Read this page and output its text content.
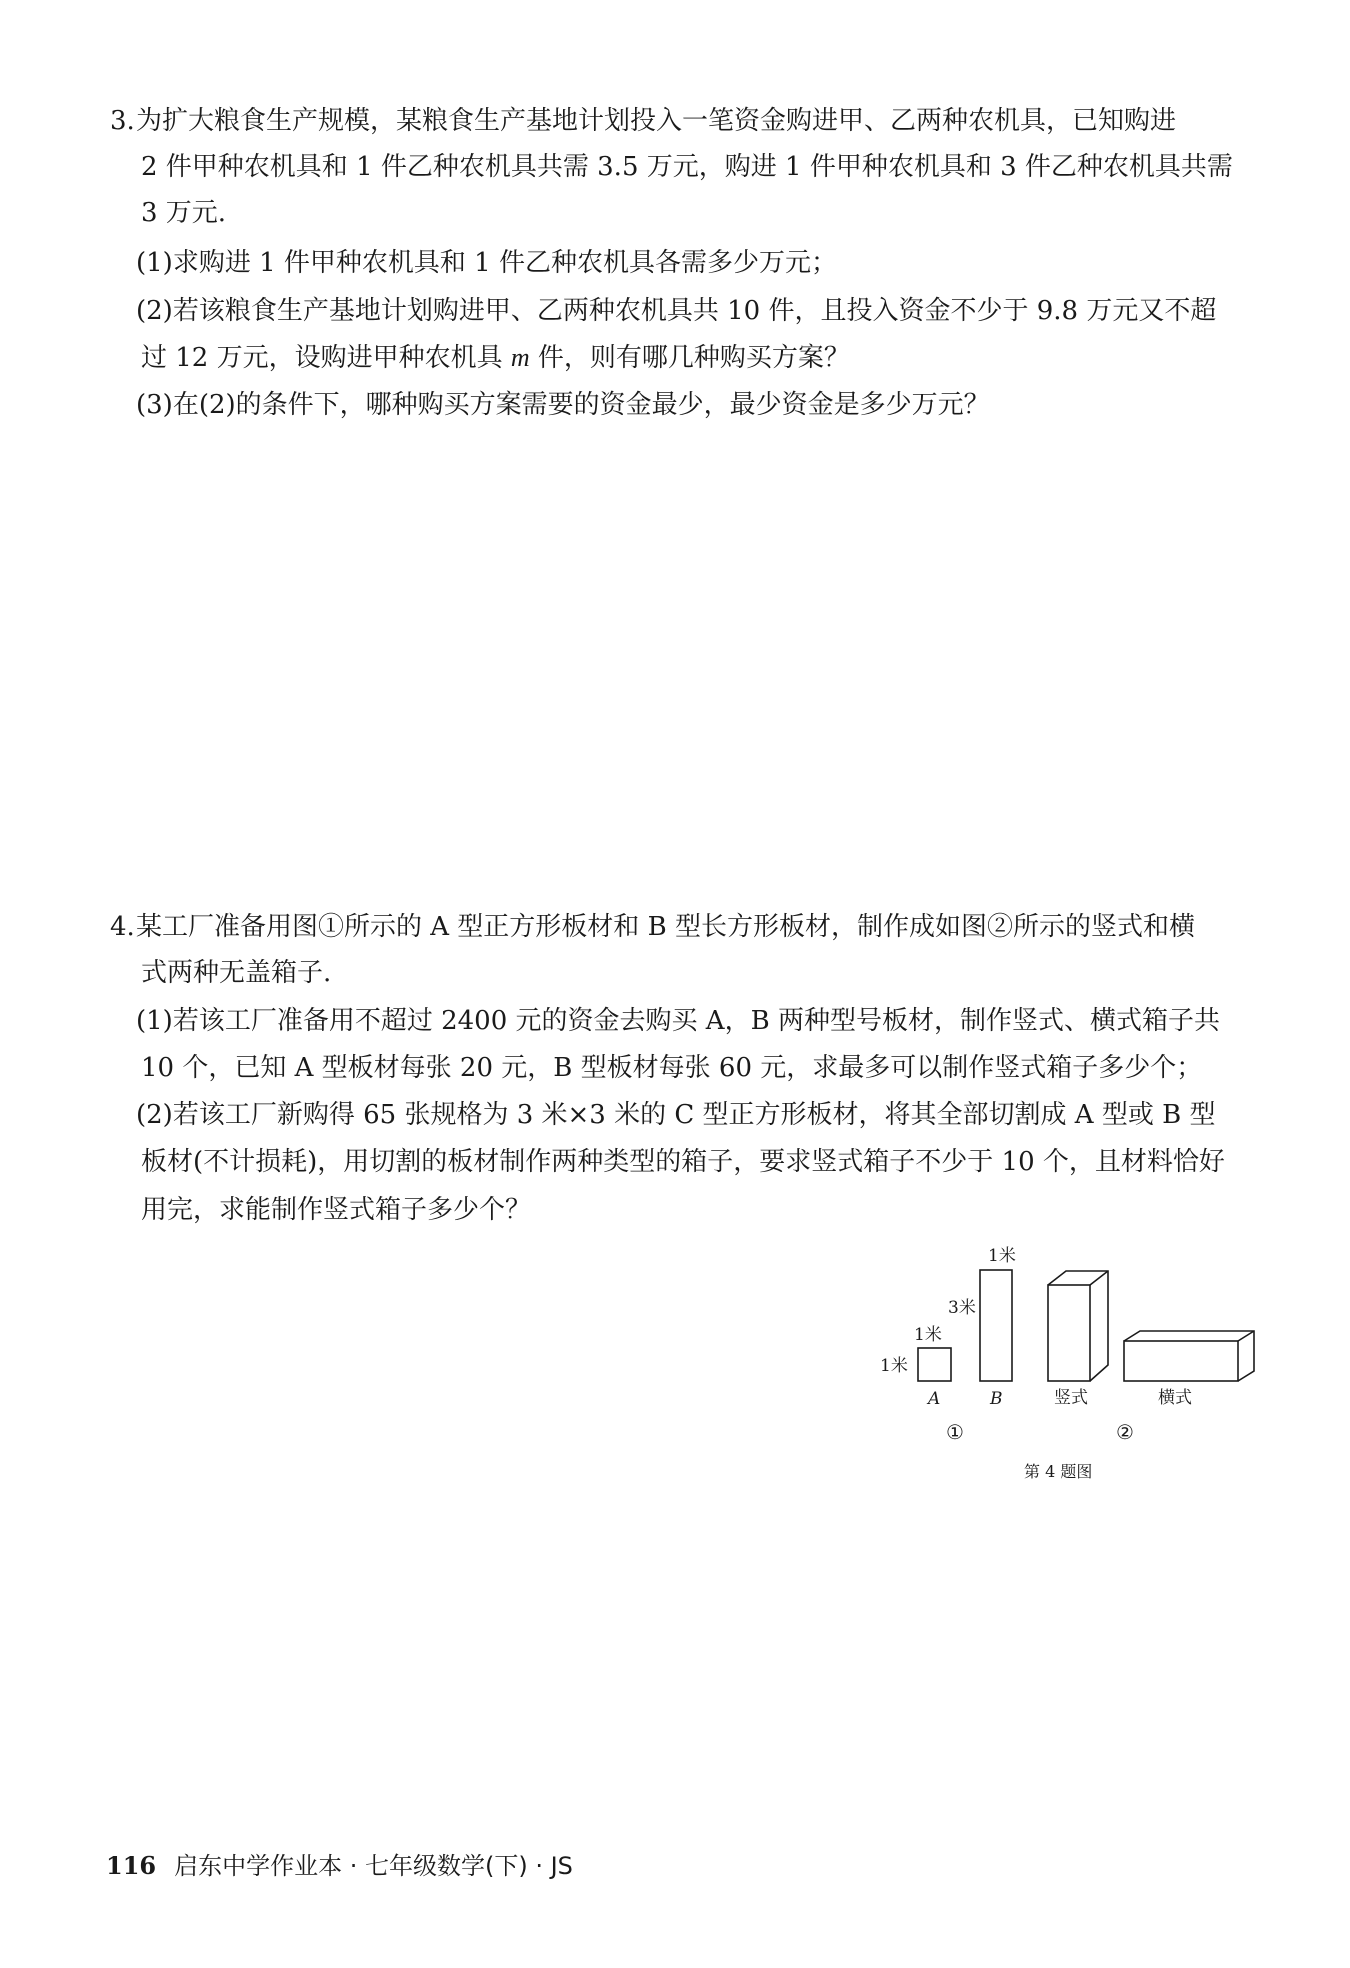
3. 为扩大粮食生产规模，某粮食生产基地计划投入一笔资金购进甲、乙两种农机具，已知购进
2 件甲种农机具和 1 件乙种农机具共需 3.5 万元，购进 1 件甲种农机具和 3 件乙种农机具共需
3 万元.
(1)求购进 1 件甲种农机具和 1 件乙种农机具各需多少万元；
(2)若该粮食生产基地计划购进甲、乙两种农机具共 10 件，且投入资金不少于 9.8 万元又不超
过 12 万元，设购进甲种农机具 m 件，则有哪几种购买方案？
(3)在(2)的条件下，哪种购买方案需要的资金最少，最少资金是多少万元？
4. 某工厂准备用图①所示的 A 型正方形板材和 B 型长方形板材，制作成如图②所示的竖式和横
式两种无盖箱子.
(1)若该工厂准备用不超过 2400 元的资金去购买 A，B 两种型号板材，制作竖式、横式箱子共
10 个，已知 A 型板材每张 20 元，B 型板材每张 60 元，求最多可以制作竖式箱子多少个；
(2)若该工厂新购得 65 张规格为 3 米×3 米的 C 型正方形板材，将其全部切割成 A 型或 B 型
板材(不计损耗)，用切割的板材制作两种类型的箱子，要求竖式箱子不少于 10 个，且材料恰好
用完，求能制作竖式箱子多少个？
1米
3米
1米
1米
A	B	竖式	横式
①	②
第 4 题图
116 启东中学作业本 · 七年级数学(下) · JS
